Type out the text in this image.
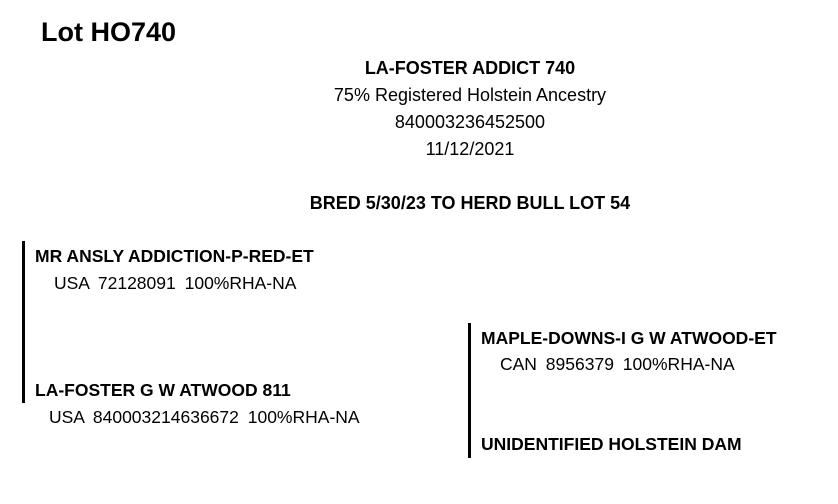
Lot HO740
LA-FOSTER ADDICT 740
75% Registered Holstein Ancestry
840003236452500
11/12/2021
BRED 5/30/23 TO HERD BULL LOT 54
MR ANSLY ADDICTION-P-RED-ET
USA 72128091 100%RHA-NA
LA-FOSTER G W ATWOOD 811
USA 840003214636672 100%RHA-NA
MAPLE-DOWNS-I G W ATWOOD-ET
CAN 8956379 100%RHA-NA
UNIDENTIFIED HOLSTEIN DAM
